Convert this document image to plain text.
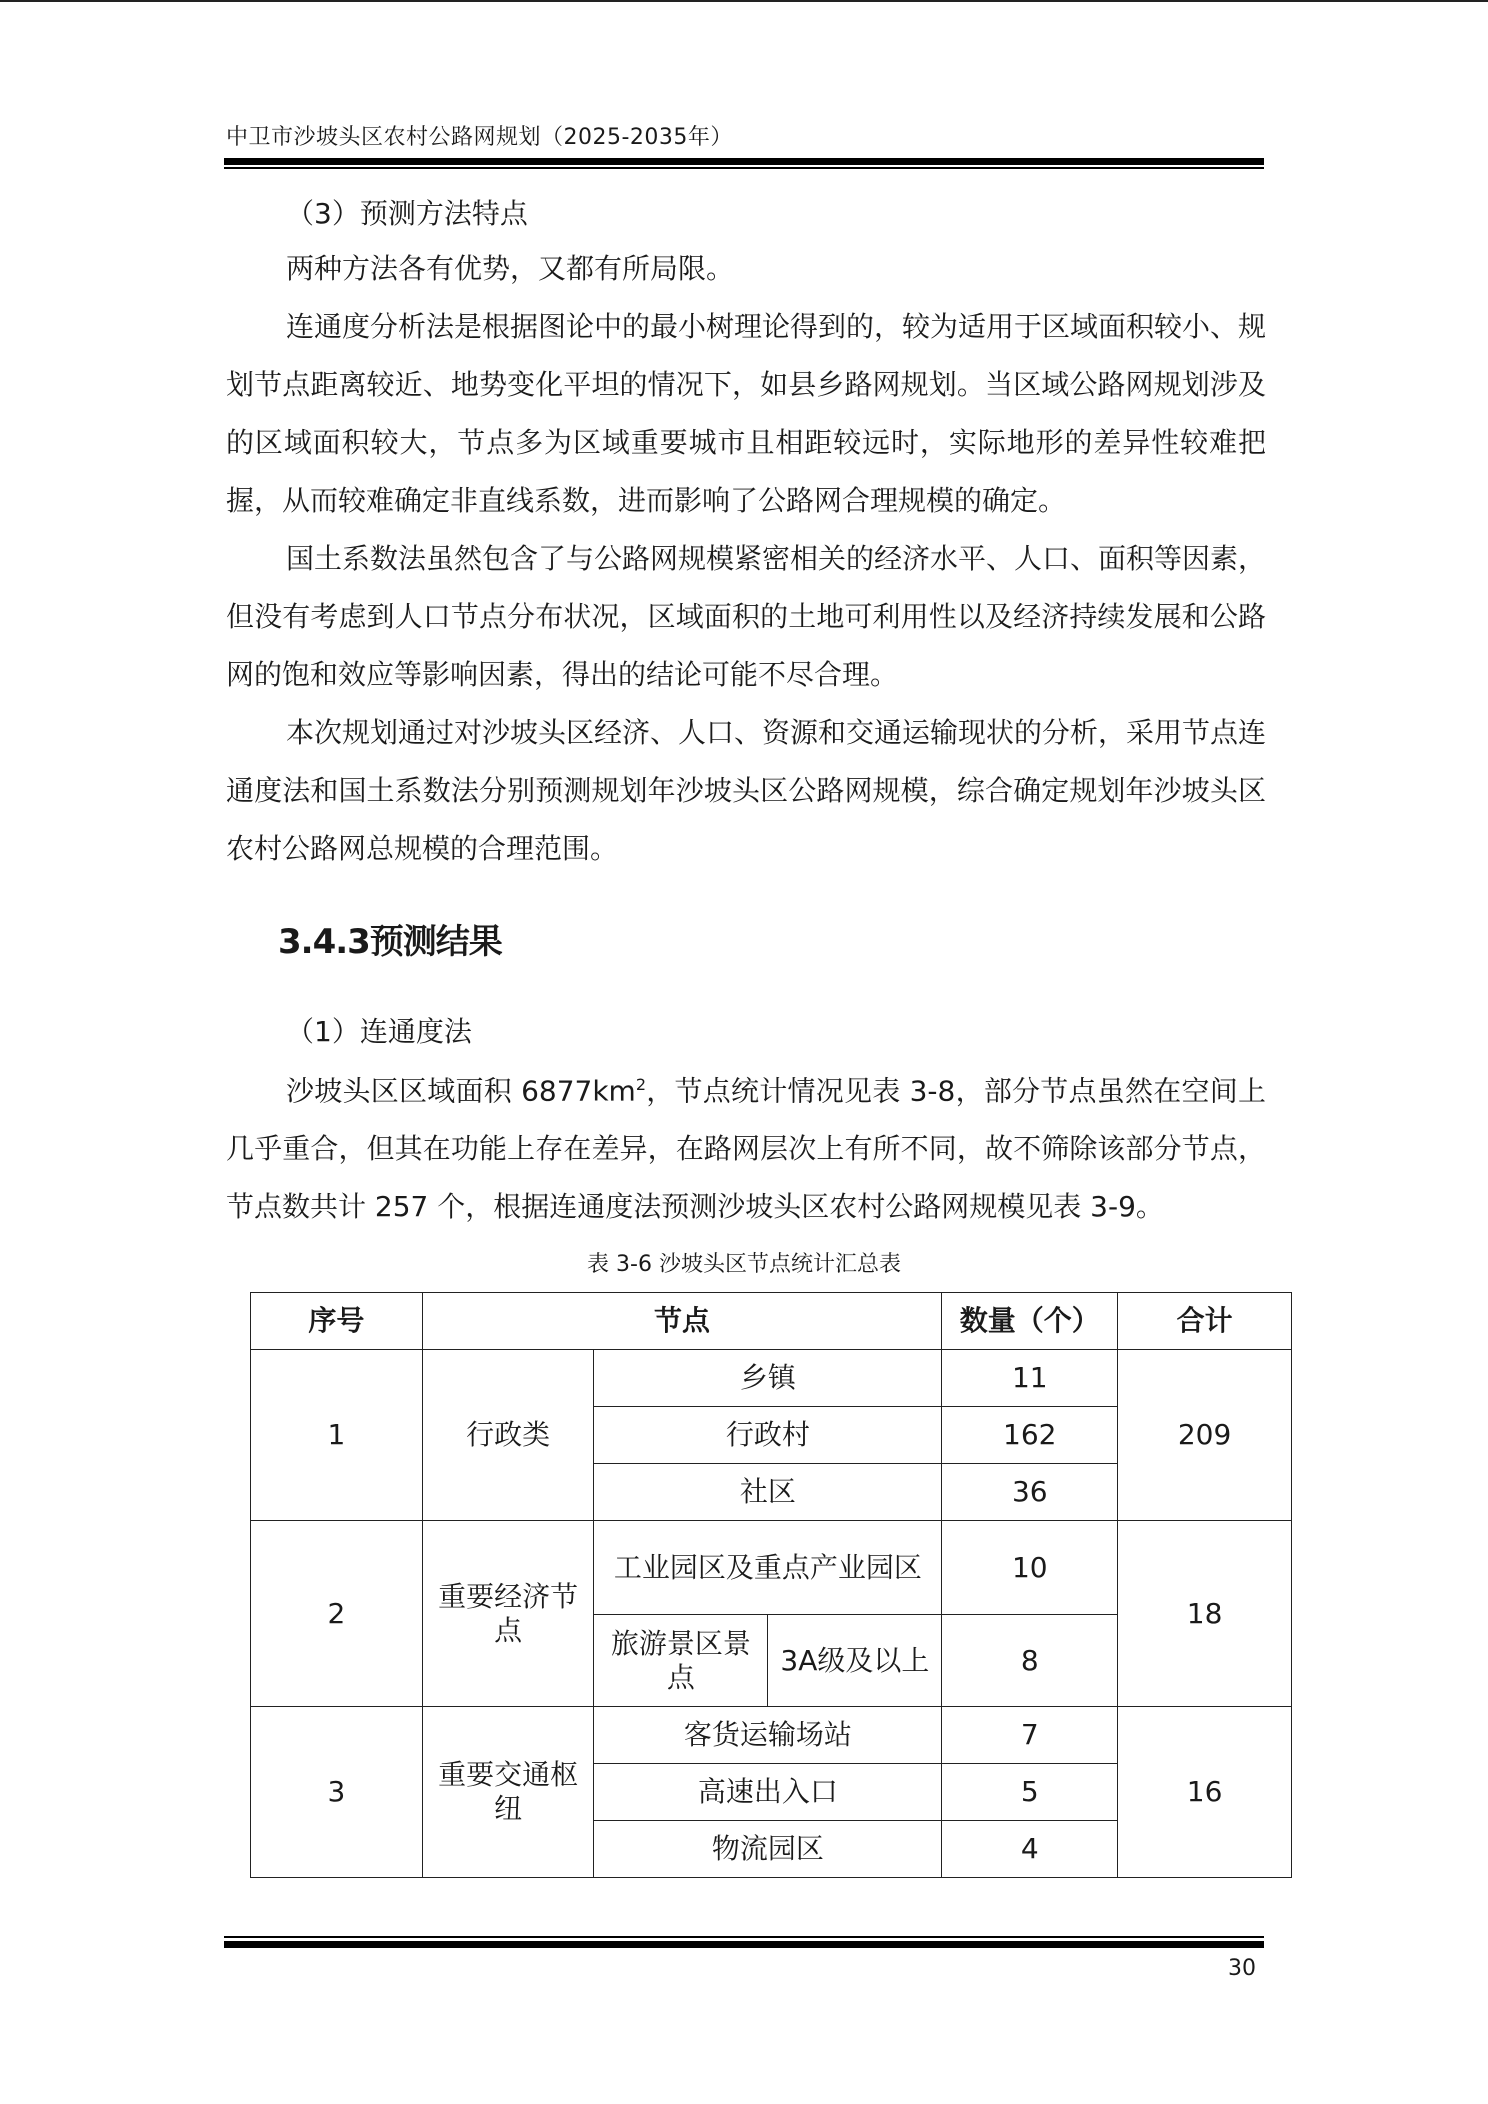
中卫市沙坡头区农村公路网规划（2025-2035年）

（3）预测方法特点

两种方法各有优势，又都有所局限。

连通度分析法是根据图论中的最小树理论得到的，较为适用于区域面积较小、规划节点距离较近、地势变化平坦的情况下，如县乡路网规划。当区域公路网规划涉及的区域面积较大，节点多为区域重要城市且相距较远时，实际地形的差异性较难把握，从而较难确定非直线系数，进而影响了公路网合理规模的确定。

国土系数法虽然包含了与公路网规模紧密相关的经济水平、人口、面积等因素，但没有考虑到人口节点分布状况，区域面积的土地可利用性以及经济持续发展和公路网的饱和效应等影响因素，得出的结论可能不尽合理。

本次规划通过对沙坡头区经济、人口、资源和交通运输现状的分析，采用节点连通度法和国土系数法分别预测规划年沙坡头区公路网规模，综合确定规划年沙坡头区农村公路网总规模的合理范围。

3.4.3预测结果

（1）连通度法

沙坡头区区域面积 $6877km^2$，节点统计情况见表 3-8，部分节点虽然在空间上几乎重合，但其在功能上存在差异，在路网层次上有所不同，故不筛除该部分节点，节点数共计 257 个，根据连通度法预测沙坡头区农村公路网规模见表 3-9。

表 3-6 沙坡头区节点统计汇总表
序号	节点			数量（个）	合计
1	行政类	乡镇		11	209
		行政村		162	
		社区		36	
2	重要经济节点	工业园区及重点产业园区		10	18
		旅游景区景点	3A级及以上	8	
3	重要交通枢纽	客货运输场站		7	16
		高速出入口		5	
		物流园区		4	
30
